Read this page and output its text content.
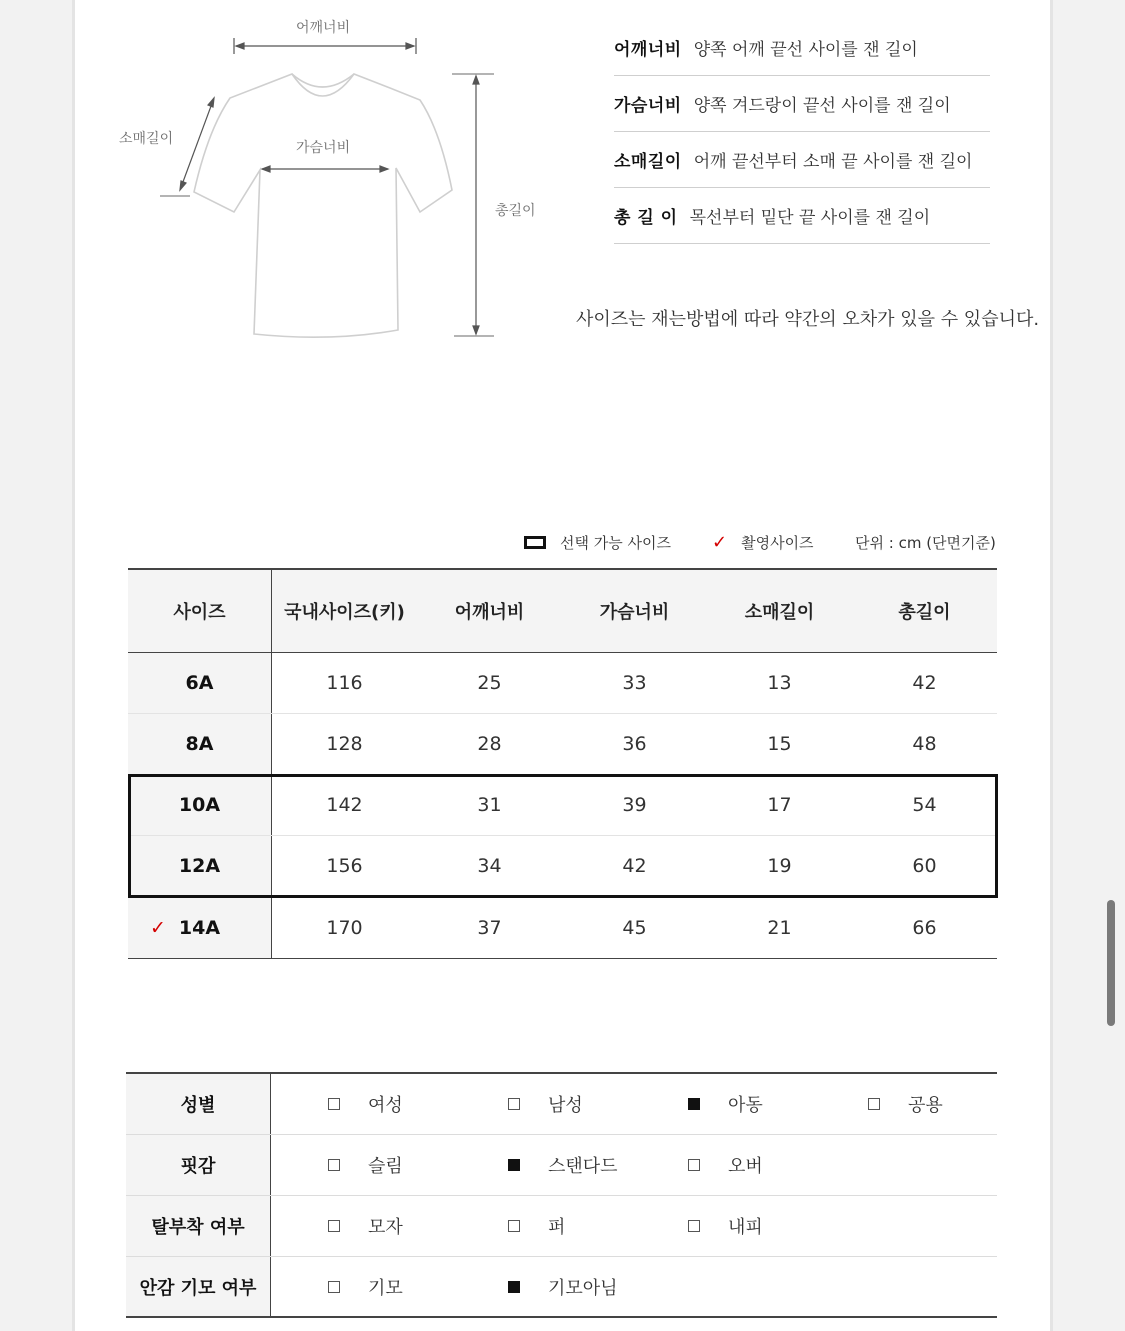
어깨너비
소매길이
가슴너비
총길이
어깨너비 양쪽 어깨 끝선 사이를 잰 길이
가슴너비 양쪽 겨드랑이 끝선 사이를 잰 길이
소매길이 어깨 끝선부터 소매 끝 사이를 잰 길이
총 길 이 목선부터 밑단 끝 사이를 잰 길이
사이즈는 재는방법에 따라 약간의 오차가 있을 수 있습니다.
선택 가능 사이즈 ✓ 촬영사이즈	단위 : cm (단면기준)
사이즈	국내사이즈(키)	어깨너비	가슴너비	소매길이	총길이
6A	116	25	33	13	42
8A	128	28	36	15	48
10A	142	31	39	17	54
12A	156	34	42	19	60
✓ 14A	170	37	45	21	66
성별	여성	남성	아동	공용
핏감	슬림	스탠다드	오버
탈부착 여부	모자	퍼	내피
안감 기모 여부	기모	기모아님
